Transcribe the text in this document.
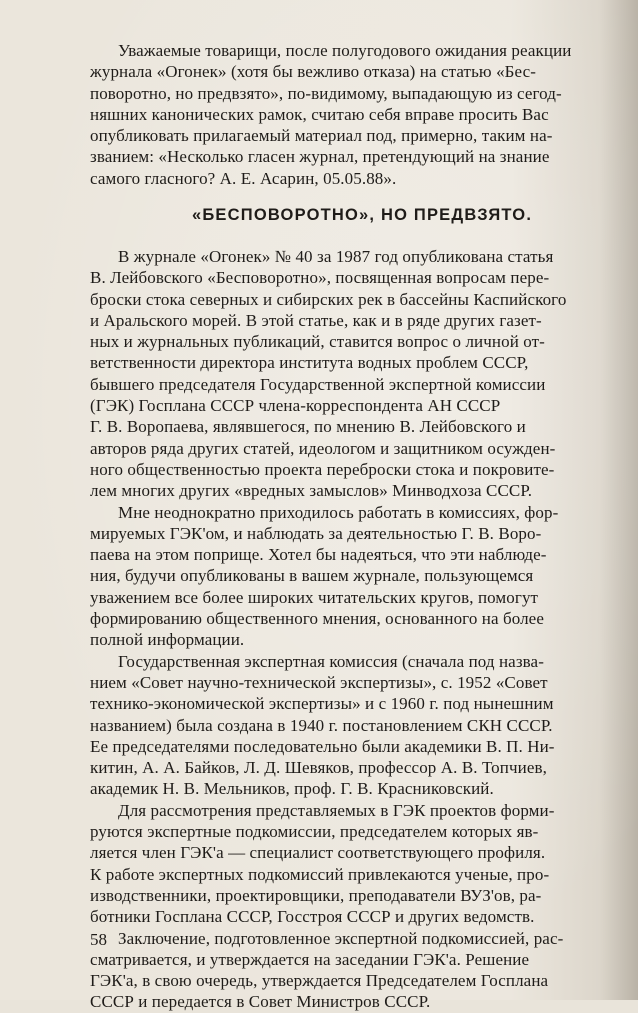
Уважаемые товарищи, после полугодового ожидания реакции
журнала «Огонек» (хотя бы вежливо отказа) на статью «Бес-
поворотно, но предвзято», по-видимому, выпадающую из сегод-
няшних канонических рамок, считаю себя вправе просить Вас
опубликовать прилагаемый материал под, примерно, таким на-
званием: «Несколько гласен журнал, претендующий на знание
самого гласного? А. Е. Асарин, 05.05.88».
«БЕСПОВОРОТНО», НО ПРЕДВЗЯТО.
В журнале «Огонек» № 40 за 1987 год опубликована статья
В. Лейбовского «Бесповоротно», посвященная вопросам пере-
броски стока северных и сибирских рек в бассейны Каспийского
и Аральского морей. В этой статье, как и в ряде других газет-
ных и журнальных публикаций, ставится вопрос о личной от-
ветственности директора института водных проблем СССР,
бывшего председателя Государственной экспертной комиссии
(ГЭК) Госплана СССР члена-корреспондента АН СССР
Г. В. Воропаева, являвшегося, по мнению В. Лейбовского и
авторов ряда других статей, идеологом и защитником осужден-
ного общественностью проекта переброски стока и покровите-
лем многих других «вредных замыслов» Минводхоза СССР.
Мне неоднократно приходилось работать в комиссиях, фор-
мируемых ГЭК'ом, и наблюдать за деятельностью Г. В. Воро-
паева на этом поприще. Хотел бы надеяться, что эти наблюде-
ния, будучи опубликованы в вашем журнале, пользующемся
уважением все более широких читательских кругов, помогут
формированию общественного мнения, основанного на более
полной информации.
Государственная экспертная комиссия (сначала под назва-
нием «Совет научно-технической экспертизы», с. 1952 «Совет
технико-экономической экспертизы» и с 1960 г. под нынешним
названием) была создана в 1940 г. постановлением СКН СССР.
Ее председателями последовательно были академики В. П. Ни-
китин, А. А. Байков, Л. Д. Шевяков, профессор А. В. Топчиев,
академик Н. В. Мельников, проф. Г. В. Красниковский.
Для рассмотрения представляемых в ГЭК проектов форми-
руются экспертные подкомиссии, председателем которых яв-
ляется член ГЭК'а — специалист соответствующего профиля.
К работе экспертных подкомиссий привлекаются ученые, про-
изводственники, проектировщики, преподаватели ВУЗ'ов, ра-
ботники Госплана СССР, Госстроя СССР и других ведомств.
Заключение, подготовленное экспертной подкомиссией, рас-
сматривается, и утверждается на заседании ГЭК'а. Решение
ГЭК'а, в свою очередь, утверждается Председателем Госплана
СССР и передается в Совет Министров СССР.
58
